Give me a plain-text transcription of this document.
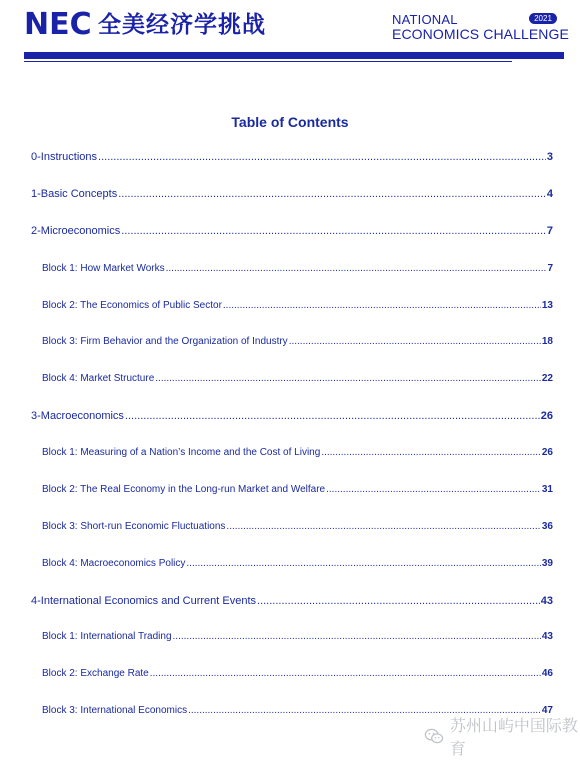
NEC 全美经济学挑战	NATIONAL
ECONOMICS CHALLENGE
2021
Table of Contents
0-Instructions .....	3
1-Basic Concepts .....	4
2-Microeconomics .....	7
Block 1: How Market Works .....	7
Block 2: The Economics of Public Sector .....	13
Block 3: Firm Behavior and the Organization of Industry .....	18
Block 4: Market Structure .....	22
3-Macroeconomics .....	26
Block 1: Measuring of a Nation’s Income and the Cost of Living .....	26
Block 2: The Real Economy in the Long-run Market and Welfare .....	31
Block 3: Short-run Economic Fluctuations .....	36
Block 4: Macroeconomics Policy .....	39
4-International Economics and Current Events .....	43
Block 1: International Trading .....	43
Block 2: Exchange Rate .....	46
Block 3: International Economics .....	47
苏州山屿中国际教育
